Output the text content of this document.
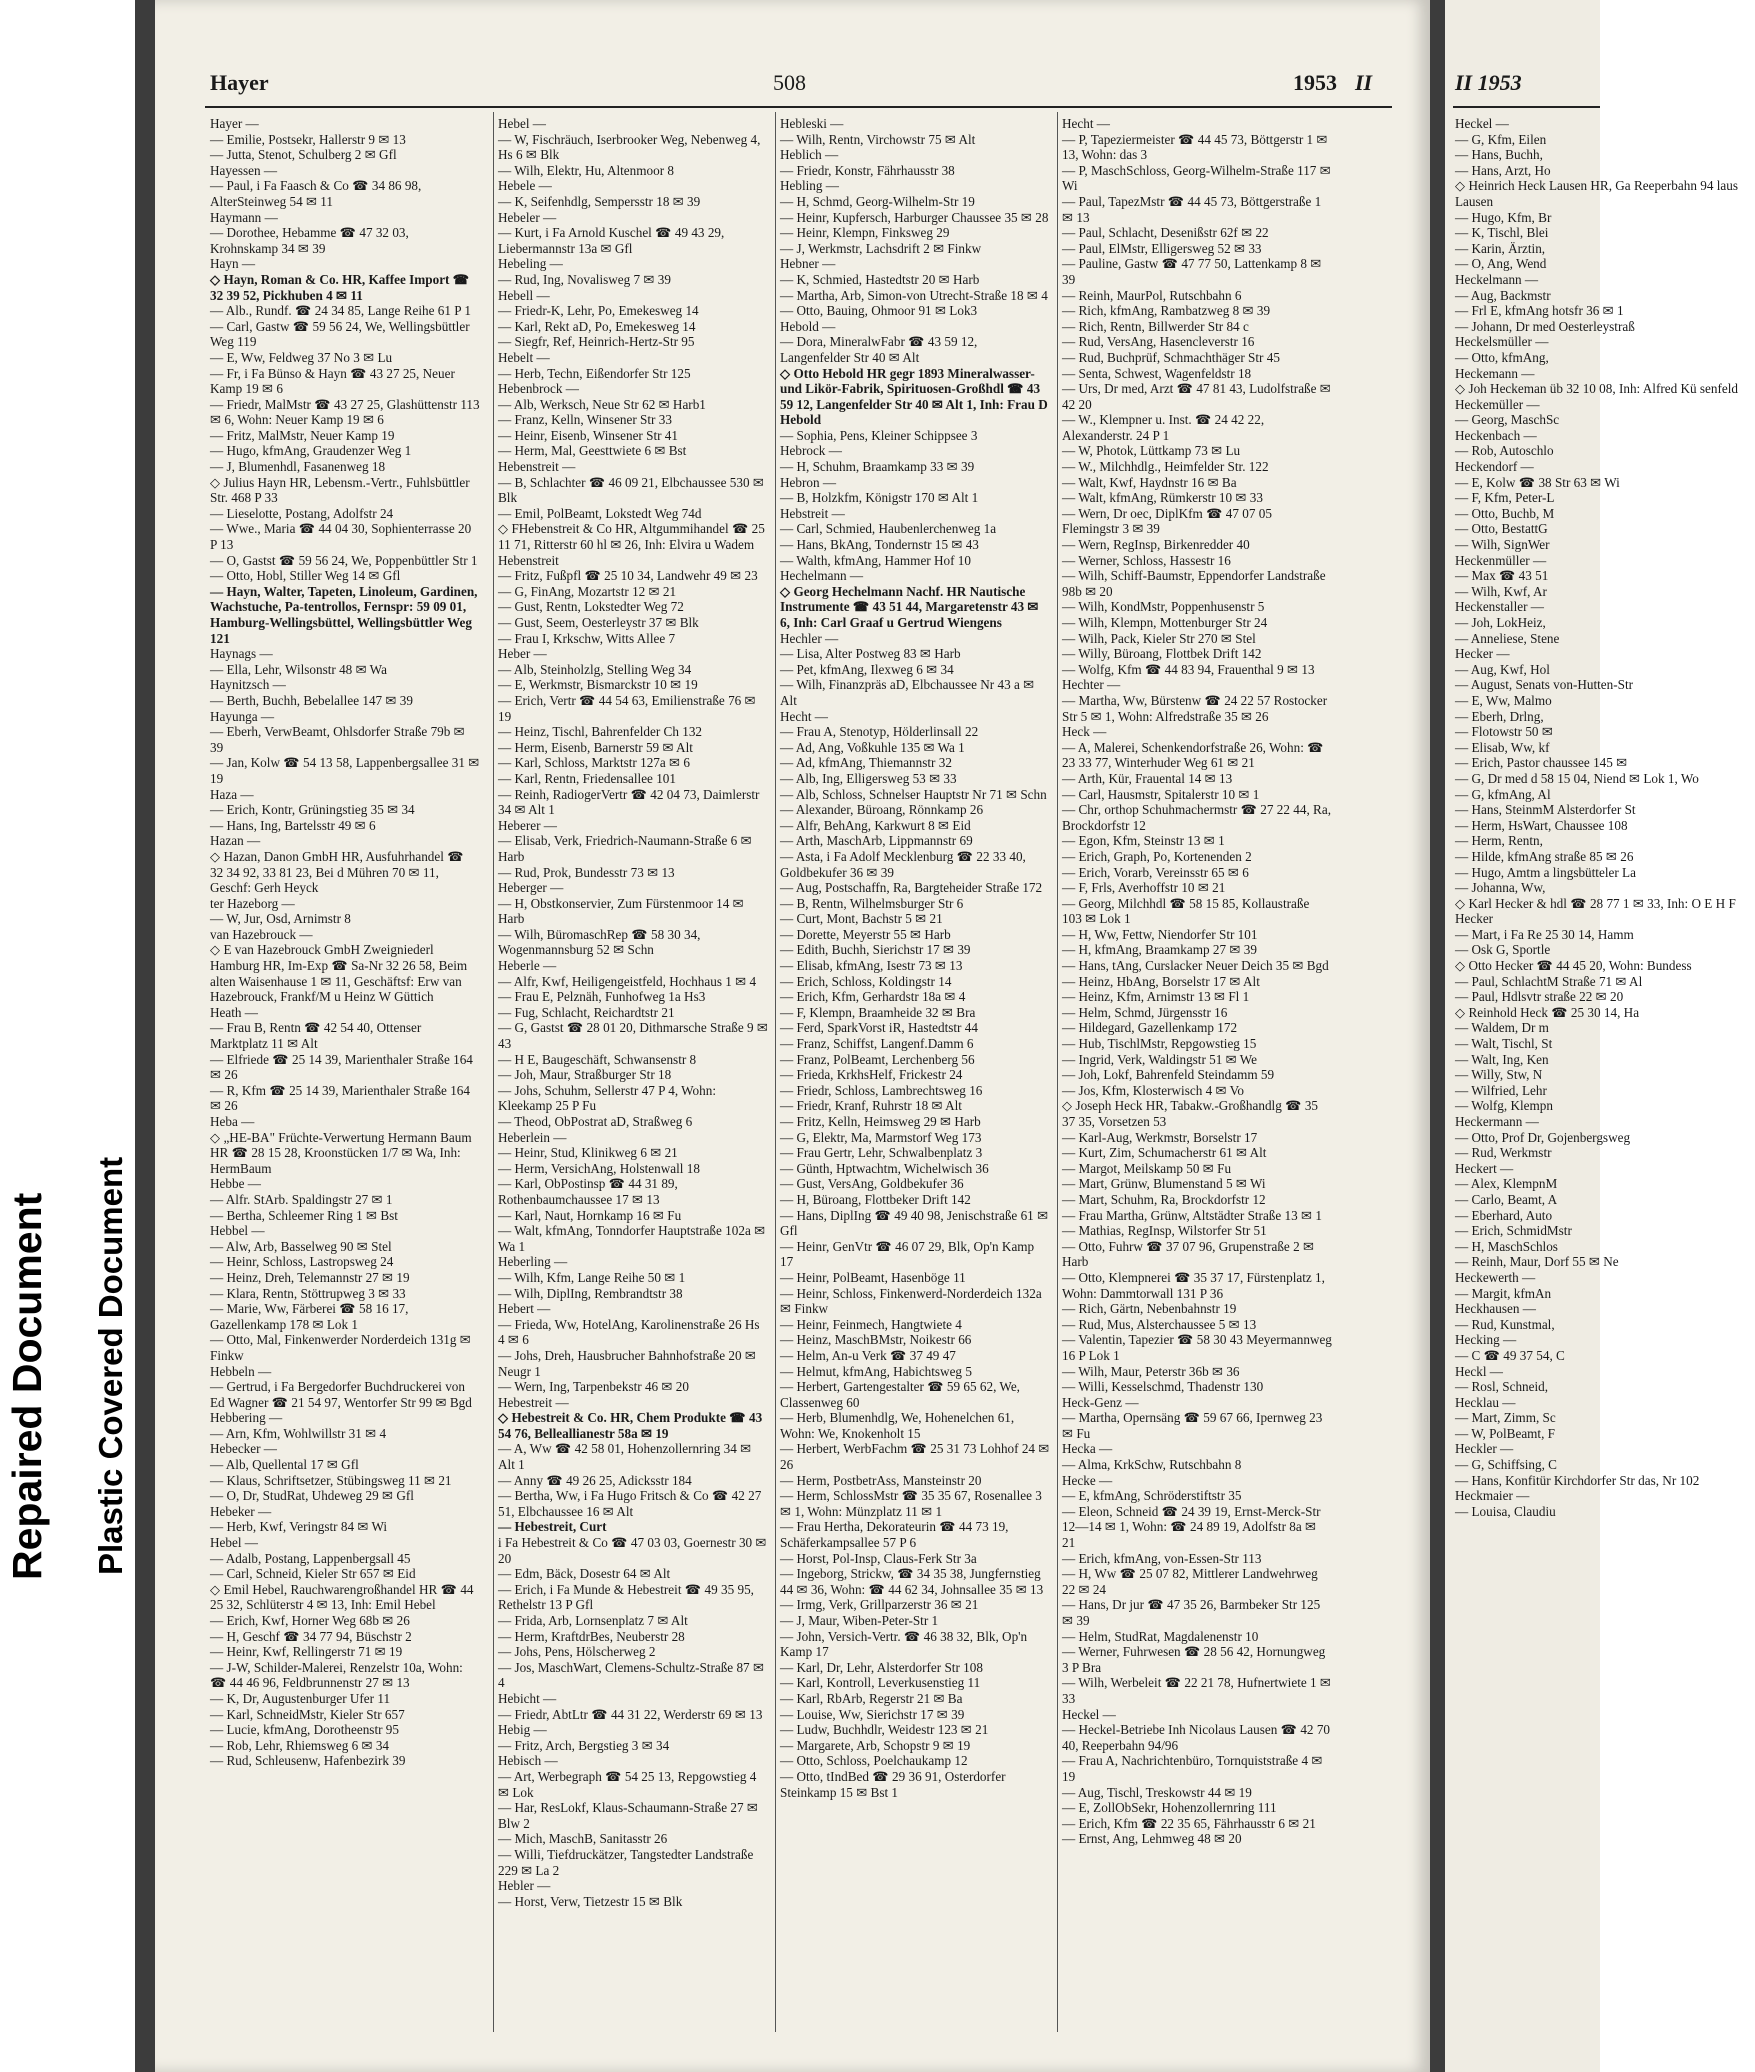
Repaired Document Plastic Covered Document
Hayer	508	1953 II
Hayer —
— Emilie, Postsekr, Hallerstr 9 ✉ 13
— Jutta, Stenot, Schulberg 2 ✉ Gfl
Hayessen —
— Paul, i Fa Faasch & Co ☎ 34 86 98, AlterSteinweg 54 ✉ 11
Haymann —
— Dorothee, Hebamme ☎ 47 32 03, Krohnskamp 34 ✉ 39
Hayn —
◇ Hayn, Roman & Co. HR, Kaffee Import ☎ 32 39 52, Pickhuben 4 ✉ 11
— Alb., Rundf. ☎ 24 34 85, Lange Reihe 61 P 1
— Carl, Gastw ☎ 59 56 24, We, Wellingsbüttler Weg 119
— E, Ww, Feldweg 37 No 3 ✉ Lu
— Fr, i Fa Bünso & Hayn ☎ 43 27 25, Neuer Kamp 19 ✉ 6
— Friedr, MalMstr ☎ 43 27 25, Glashüttenstr 113 ✉ 6, Wohn: Neuer Kamp 19 ✉ 6
— Fritz, MalMstr, Neuer Kamp 19
— Hugo, kfmAng, Graudenzer Weg 1
— J, Blumenhdl, Fasanenweg 18
◇ Julius Hayn HR, Lebensm.-Vertr., Fuhlsbüttler Str. 468 P 33
— Lieselotte, Postang, Adolfstr 24
— Wwe., Maria ☎ 44 04 30, Sophienterrasse 20 P 13
— O, Gastst ☎ 59 56 24, We, Poppenbüttler Str 1
— Otto, Hobl, Stiller Weg 14 ✉ Gfl
— Hayn, Walter, Tapeten, Linoleum, Gardinen, Wachstuche, Pa-tentrollos, Fernspr: 59 09 01, Hamburg-Wellingsbüttel, Wellingsbüttler Weg 121
Haynags —
— Ella, Lehr, Wilsonstr 48 ✉ Wa
Haynitzsch —
— Berth, Buchh, Bebelallee 147 ✉ 39
Hayunga —
— Eberh, VerwBeamt, Ohlsdorfer Straße 79b ✉ 39
— Jan, Kolw ☎ 54 13 58, Lappenbergsallee 31 ✉ 19
Haza —
— Erich, Kontr, Grüningstieg 35 ✉ 34
— Hans, Ing, Bartelsstr 49 ✉ 6
Hazan —
◇ Hazan, Danon GmbH HR, Ausfuhrhandel ☎ 32 34 92, 33 81 23, Bei d Mühren 70 ✉ 11, Geschf: Gerh Heyck
ter Hazeborg —
— W, Jur, Osd, Arnimstr 8
van Hazebrouck —
◇ E van Hazebrouck GmbH Zweigniederl Hamburg HR, Im-Exp ☎ Sa-Nr 32 26 58, Beim alten Waisenhause 1 ✉ 11, Geschäftsf: Erw van Hazebrouck, Frankf/M u Heinz W Güttich
Heath —
— Frau B, Rentn ☎ 42 54 40, Ottenser Marktplatz 11 ✉ Alt
— Elfriede ☎ 25 14 39, Marienthaler Straße 164 ✉ 26
— R, Kfm ☎ 25 14 39, Marienthaler Straße 164 ✉ 26
Heba —
◇ „HE-BA" Früchte-Verwertung Hermann Baum HR ☎ 28 15 28, Kroonstücken 1/7 ✉ Wa, Inh: HermBaum
Hebbe —
— Alfr. StArb. Spaldingstr 27 ✉ 1
— Bertha, Schleemer Ring 1 ✉ Bst
Hebbel —
— Alw, Arb, Basselweg 90 ✉ Stel
— Heinr, Schloss, Lastropsweg 24
— Heinz, Dreh, Telemannstr 27 ✉ 19
— Klara, Rentn, Stöttrupweg 3 ✉ 33
— Marie, Ww, Färberei ☎ 58 16 17, Gazellenkamp 178 ✉ Lok 1
— Otto, Mal, Finkenwerder Norderdeich 131g ✉ Finkw
Hebbeln —
— Gertrud, i Fa Bergedorfer Buchdruckerei von Ed Wagner ☎ 21 54 97, Wentorfer Str 99 ✉ Bgd
Hebbering —
— Arn, Kfm, Wohlwillstr 31 ✉ 4
Hebecker —
— Alb, Quellental 17 ✉ Gfl
— Klaus, Schriftsetzer, Stübingsweg 11 ✉ 21
— O, Dr, StudRat, Uhdeweg 29 ✉ Gfl
Hebeker —
— Herb, Kwf, Veringstr 84 ✉ Wi
Hebel —
— Adalb, Postang, Lappenbergsall 45
— Carl, Schneid, Kieler Str 657 ✉ Eid
◇ Emil Hebel, Rauchwarengroßhandel HR ☎ 44 25 32, Schlüterstr 4 ✉ 13, Inh: Emil Hebel
— Erich, Kwf, Horner Weg 68b ✉ 26
— H, Geschf ☎ 34 77 94, Büschstr 2
— Heinr, Kwf, Rellingerstr 71 ✉ 19
— J-W, Schilder-Malerei, Renzelstr 10a, Wohn: ☎ 44 46 96, Feldbrunnenstr 27 ✉ 13
— K, Dr, Augustenburger Ufer 11
— Karl, SchneidMstr, Kieler Str 657
— Lucie, kfmAng, Dorotheenstr 95
— Rob, Lehr, Rhiemsweg 6 ✉ 34
— Rud, Schleusenw, Hafenbezirk 39
Hebel —
— W, Fischräuch, Iserbrooker Weg, Nebenweg 4, Hs 6 ✉ Blk
— Wilh, Elektr, Hu, Altenmoor 8
Hebele —
— K, Seifenhdlg, Sempersstr 18 ✉ 39
Hebeler —
— Kurt, i Fa Arnold Kuschel ☎ 49 43 29, Liebermannstr 13a ✉ Gfl
Hebeling —
— Rud, Ing, Novalisweg 7 ✉ 39
Hebell —
— Friedr-K, Lehr, Po, Emekesweg 14
— Karl, Rekt aD, Po, Emekesweg 14
— Siegfr, Ref, Heinrich-Hertz-Str 95
Hebelt —
— Herb, Techn, Eißendorfer Str 125
Hebenbrock —
— Alb, Werksch, Neue Str 62 ✉ Harb1
— Franz, Kelln, Winsener Str 33
— Heinr, Eisenb, Winsener Str 41
— Herm, Mal, Geesttwiete 6 ✉ Bst
Hebenstreit —
— B, Schlachter ☎ 46 09 21, Elbchaussee 530 ✉ Blk
— Emil, PolBeamt, Lokstedt Weg 74d
◇ FHebenstreit & Co HR, Altgummihandel ☎ 25 11 71, Ritterstr 60 hl ✉ 26, Inh: Elvira u Wadem Hebenstreit
— Fritz, Fußpfl ☎ 25 10 34, Landwehr 49 ✉ 23
— G, FinAng, Mozartstr 12 ✉ 21
— Gust, Rentn, Lokstedter Weg 72
— Gust, Seem, Oesterleystr 37 ✉ Blk
— Frau I, Krkschw, Witts Allee 7
Heber —
— Alb, Steinholzlg, Stelling Weg 34
— E, Werkmstr, Bismarckstr 10 ✉ 19
— Erich, Vertr ☎ 44 54 63, Emilienstraße 76 ✉ 19
— Heinz, Tischl, Bahrenfelder Ch 132
— Herm, Eisenb, Barnerstr 59 ✉ Alt
— Karl, Schloss, Marktstr 127a ✉ 6
— Karl, Rentn, Friedensallee 101
— Reinh, RadiogerVertr ☎ 42 04 73, Daimlerstr 34 ✉ Alt 1
Heberer —
— Elisab, Verk, Friedrich-Naumann-Straße 6 ✉ Harb
— Rud, Prok, Bundesstr 73 ✉ 13
Heberger —
— H, Obstkonservier, Zum Fürstenmoor 14 ✉ Harb
— Wilh, BüromaschRep ☎ 58 30 34, Wogenmannsburg 52 ✉ Schn
Heberle —
— Alfr, Kwf, Heiligengeistfeld, Hochhaus 1 ✉ 4
— Frau E, Pelznäh, Funhofweg 1a Hs3
— Fug, Schlacht, Reichardtstr 21
— G, Gastst ☎ 28 01 20, Dithmarsche Straße 9 ✉ 43
— H E, Baugeschäft, Schwansenstr 8
— Joh, Maur, Straßburger Str 18
— Johs, Schuhm, Sellerstr 47 P 4, Wohn: Kleekamp 25 P Fu
— Theod, ObPostrat aD, Straßweg 6
Heberlein —
— Heinr, Stud, Klinikweg 6 ✉ 21
— Herm, VersichAng, Holstenwall 18
— Karl, ObPostinsp ☎ 44 31 89, Rothenbaumchaussee 17 ✉ 13
— Karl, Naut, Hornkamp 16 ✉ Fu
— Walt, kfmAng, Tonndorfer Hauptstraße 102a ✉ Wa 1
Heberling —
— Wilh, Kfm, Lange Reihe 50 ✉ 1
— Wilh, DiplIng, Rembrandtstr 38
Hebert —
— Frieda, Ww, HotelAng, Karolinenstraße 26 Hs 4 ✉ 6
— Johs, Dreh, Hausbrucher Bahnhofstraße 20 ✉ Neugr 1
— Wern, Ing, Tarpenbekstr 46 ✉ 20
Hebestreit —
◇ Hebestreit & Co. HR, Chem Produkte ☎ 43 54 76, Belleallianestr 58a ✉ 19
— A, Ww ☎ 42 58 01, Hohenzollernring 34 ✉ Alt 1
— Anny ☎ 49 26 25, Adicksstr 184
— Bertha, Ww, i Fa Hugo Fritsch & Co ☎ 42 27 51, Elbchaussee 16 ✉ Alt
— Hebestreit, Curt
i Fa Hebestreit & Co ☎ 47 03 03, Goernestr 30 ✉ 20
— Edm, Bäck, Dosestr 64 ✉ Alt
— Erich, i Fa Munde & Hebestreit ☎ 49 35 95, Rethelstr 13 P Gfl
— Frida, Arb, Lornsenplatz 7 ✉ Alt
— Herm, KraftdrBes, Neuberstr 28
— Johs, Pens, Hölscherweg 2
— Jos, MaschWart, Clemens-Schultz-Straße 87 ✉ 4
Hebicht —
— Friedr, AbtLtr ☎ 44 31 22, Werderstr 69 ✉ 13
Hebig —
— Fritz, Arch, Bergstieg 3 ✉ 34
Hebisch —
— Art, Werbegraph ☎ 54 25 13, Repgowstieg 4 ✉ Lok
— Har, ResLokf, Klaus-Schaumann-Straße 27 ✉ Blw 2
— Mich, MaschB, Sanitasstr 26
— Willi, Tiefdruckätzer, Tangstedter Landstraße 229 ✉ La 2
Hebler —
— Horst, Verw, Tietzestr 15 ✉ Blk
Hebleski —
— Wilh, Rentn, Virchowstr 75 ✉ Alt
Heblich —
— Friedr, Konstr, Fährhausstr 38
Hebling —
— H, Schmd, Georg-Wilhelm-Str 19
— Heinr, Kupfersch, Harburger Chaussee 35 ✉ 28
— Heinr, Klempn, Finksweg 29
— J, Werkmstr, Lachsdrift 2 ✉ Finkw
Hebner —
— K, Schmied, Hastedtstr 20 ✉ Harb
— Martha, Arb, Simon-von Utrecht-Straße 18 ✉ 4
— Otto, Bauing, Ohmoor 91 ✉ Lok3
Hebold —
— Dora, MineralwFabr ☎ 43 59 12, Langenfelder Str 40 ✉ Alt
◇ Otto Hebold HR gegr 1893 Mineralwasser- und Likör-Fabrik, Spirituosen-Großhdl ☎ 43 59 12, Langenfelder Str 40 ✉ Alt 1, Inh: Frau D Hebold
— Sophia, Pens, Kleiner Schippsee 3
Hebrock —
— H, Schuhm, Braamkamp 33 ✉ 39
Hebron —
— B, Holzkfm, Königstr 170 ✉ Alt 1
Hebstreit —
— Carl, Schmied, Haubenlerchenweg 1a
— Hans, BkAng, Tondernstr 15 ✉ 43
— Walth, kfmAng, Hammer Hof 10
Hechelmann —
◇ Georg Hechelmann Nachf. HR Nautische Instrumente ☎ 43 51 44, Margaretenstr 43 ✉ 6, Inh: Carl Graaf u Gertrud Wiengens
Hechler —
— Lisa, Alter Postweg 83 ✉ Harb
— Pet, kfmAng, Ilexweg 6 ✉ 34
— Wilh, Finanzpräs aD, Elbchaussee Nr 43 a ✉ Alt
Hecht —
— Frau A, Stenotyp, Hölderlinsall 22
— Ad, Ang, Voßkuhle 135 ✉ Wa 1
— Ad, kfmAng, Thiemannstr 32
— Alb, Ing, Elligersweg 53 ✉ 33
— Alb, Schloss, Schnelser Hauptstr Nr 71 ✉ Schn
— Alexander, Büroang, Rönnkamp 26
— Alfr, BehAng, Karkwurt 8 ✉ Eid
— Arth, MaschArb, Lippmannstr 69
— Asta, i Fa Adolf Mecklenburg ☎ 22 33 40, Goldbekufer 36 ✉ 39
— Aug, Postschaffn, Ra, Bargteheider Straße 172
— B, Rentn, Wilhelmsburger Str 6
— Curt, Mont, Bachstr 5 ✉ 21
— Dorette, Meyerstr 55 ✉ Harb
— Edith, Buchh, Sierichstr 17 ✉ 39
— Elisab, kfmAng, Isestr 73 ✉ 13
— Erich, Schloss, Koldingstr 14
— Erich, Kfm, Gerhardstr 18a ✉ 4
— F, Klempn, Braamheide 32 ✉ Bra
— Ferd, SparkVorst iR, Hastedtstr 44
— Franz, Schiffst, Langenf.Damm 6
— Franz, PolBeamt, Lerchenberg 56
— Frieda, KrkhsHelf, Frickestr 24
— Friedr, Schloss, Lambrechtsweg 16
— Friedr, Kranf, Ruhrstr 18 ✉ Alt
— Fritz, Kelln, Heimsweg 29 ✉ Harb
— G, Elektr, Ma, Marmstorf Weg 173
— Frau Gertr, Lehr, Schwalbenplatz 3
— Günth, Hptwachtm, Wichelwisch 36
— Gust, VersAng, Goldbekufer 36
— H, Büroang, Flottbeker Drift 142
— Hans, DiplIng ☎ 49 40 98, Jenischstraße 61 ✉ Gfl
— Heinr, GenVtr ☎ 46 07 29, Blk, Op'n Kamp 17
— Heinr, PolBeamt, Hasenböge 11
— Heinr, Schloss, Finkenwerd-Norderdeich 132a ✉ Finkw
— Heinr, Feinmech, Hangtwiete 4
— Heinz, MaschBMstr, Noikestr 66
— Helm, An-u Verk ☎ 37 49 47
— Helmut, kfmAng, Habichtsweg 5
— Herbert, Gartengestalter ☎ 59 65 62, We, Classenweg 60
— Herb, Blumenhdlg, We, Hohenelchen 61, Wohn: We, Knokenholt 15
— Herbert, WerbFachm ☎ 25 31 73 Lohhof 24 ✉ 26
— Herm, PostbetrAss, Mansteinstr 20
— Herm, SchlossMstr ☎ 35 35 67, Rosenallee 3 ✉ 1, Wohn: Münzplatz 11 ✉ 1
— Frau Hertha, Dekorateurin ☎ 44 73 19, Schäferkampsallee 57 P 6
— Horst, Pol-Insp, Claus-Ferk Str 3a
— Ingeborg, Strickw, ☎ 34 35 38, Jungfernstieg 44 ✉ 36, Wohn: ☎ 44 62 34, Johnsallee 35 ✉ 13
— Irmg, Verk, Grillparzerstr 36 ✉ 21
— J, Maur, Wiben-Peter-Str 1
— John, Versich-Vertr. ☎ 46 38 32, Blk, Op'n Kamp 17
— Karl, Dr, Lehr, Alsterdorfer Str 108
— Karl, Kontroll, Leverkusenstieg 11
— Karl, RbArb, Regerstr 21 ✉ Ba
— Louise, Ww, Sierichstr 17 ✉ 39
— Ludw, Buchhdlr, Weidestr 123 ✉ 21
— Margarete, Arb, Schopstr 9 ✉ 19
— Otto, Schloss, Poelchaukamp 12
— Otto, tIndBed ☎ 29 36 91, Osterdorfer Steinkamp 15 ✉ Bst 1
Hecht —
— P, Tapeziermeister ☎ 44 45 73, Böttgerstr 1 ✉ 13, Wohn: das 3
— P, MaschSchloss, Georg-Wilhelm-Straße 117 ✉ Wi
— Paul, TapezMstr ☎ 44 45 73, Böttgerstraße 1 ✉ 13
— Paul, Schlacht, Desenißstr 62f ✉ 22
— Paul, ElMstr, Elligersweg 52 ✉ 33
— Pauline, Gastw ☎ 47 77 50, Lattenkamp 8 ✉ 39
— Reinh, MaurPol, Rutschbahn 6
— Rich, kfmAng, Rambatzweg 8 ✉ 39
— Rich, Rentn, Billwerder Str 84 c
— Rud, VersAng, Hasencleverstr 16
— Rud, Buchprüf, Schmachthäger Str 45
— Senta, Schwest, Wagenfeldstr 18
— Urs, Dr med, Arzt ☎ 47 81 43, Ludolfstraße ✉ 42 20
— W., Klempner u. Inst. ☎ 24 42 22, Alexanderstr. 24 P 1
— W, Photok, Lüttkamp 73 ✉ Lu
— W., Milchhdlg., Heimfelder Str. 122
— Walt, Kwf, Haydnstr 16 ✉ Ba
— Walt, kfmAng, Rümkerstr 10 ✉ 33
— Wern, Dr oec, DiplKfm ☎ 47 07 05 Flemingstr 3 ✉ 39
— Wern, RegInsp, Birkenredder 40
— Werner, Schloss, Hassestr 16
— Wilh, Schiff-Baumstr, Eppendorfer Landstraße 98b ✉ 20
— Wilh, KondMstr, Poppenhusenstr 5
— Wilh, Klempn, Mottenburger Str 24
— Wilh, Pack, Kieler Str 270 ✉ Stel
— Willy, Büroang, Flottbek Drift 142
— Wolfg, Kfm ☎ 44 83 94, Frauenthal 9 ✉ 13
Hechter —
— Martha, Ww, Bürstenw ☎ 24 22 57 Rostocker Str 5 ✉ 1, Wohn: Alfredstraße 35 ✉ 26
Heck —
— A, Malerei, Schenkendorfstraße 26, Wohn: ☎ 23 33 77, Winterhuder Weg 61 ✉ 21
— Arth, Kür, Frauental 14 ✉ 13
— Carl, Hausmstr, Spitalerstr 10 ✉ 1
— Chr, orthop Schuhmachermstr ☎ 27 22 44, Ra, Brockdorfstr 12
— Egon, Kfm, Steinstr 13 ✉ 1
— Erich, Graph, Po, Kortenenden 2
— Erich, Vorarb, Vereinsstr 65 ✉ 6
— F, Frls, Averhoffstr 10 ✉ 21
— Georg, Milchhdl ☎ 58 15 85, Kollaustraße 103 ✉ Lok 1
— H, Ww, Fettw, Niendorfer Str 101
— H, kfmAng, Braamkamp 27 ✉ 39
— Hans, tAng, Curslacker Neuer Deich 35 ✉ Bgd
— Heinz, HbAng, Borselstr 17 ✉ Alt
— Heinz, Kfm, Arnimstr 13 ✉ Fl 1
— Helm, Schmd, Jürgensstr 16
— Hildegard, Gazellenkamp 172
— Hub, TischlMstr, Repgowstieg 15
— Ingrid, Verk, Waldingstr 51 ✉ We
— Joh, Lokf, Bahrenfeld Steindamm 59
— Jos, Kfm, Klosterwisch 4 ✉ Vo
◇ Joseph Heck HR, Tabakw.-Großhandlg ☎ 35 37 35, Vorsetzen 53
— Karl-Aug, Werkmstr, Borselstr 17
— Kurt, Zim, Schumacherstr 61 ✉ Alt
— Margot, Meilskamp 50 ✉ Fu
— Mart, Grünw, Blumenstand 5 ✉ Wi
— Mart, Schuhm, Ra, Brockdorfstr 12
— Frau Martha, Grünw, Altstädter Straße 13 ✉ 1
— Mathias, RegInsp, Wilstorfer Str 51
— Otto, Fuhrw ☎ 37 07 96, Grupenstraße 2 ✉ Harb
— Otto, Klempnerei ☎ 35 37 17, Fürstenplatz 1, Wohn: Dammtorwall 131 P 36
— Rich, Gärtn, Nebenbahnstr 19
— Rud, Mus, Alsterchaussee 5 ✉ 13
— Valentin, Tapezier ☎ 58 30 43 Meyermannweg 16 P Lok 1
— Wilh, Maur, Peterstr 36b ✉ 36
— Willi, Kesselschmd, Thadenstr 130
Heck-Genz —
— Martha, Opernsäng ☎ 59 67 66, Ipernweg 23 ✉ Fu
Hecka —
— Alma, KrkSchw, Rutschbahn 8
Hecke —
— E, kfmAng, Schröderstiftstr 35
— Eleon, Schneid ☎ 24 39 19, Ernst-Merck-Str 12—14 ✉ 1, Wohn: ☎ 24 89 19, Adolfstr 8a ✉ 21
— Erich, kfmAng, von-Essen-Str 113
— H, Ww ☎ 25 07 82, Mittlerer Landwehrweg 22 ✉ 24
— Hans, Dr jur ☎ 47 35 26, Barmbeker Str 125 ✉ 39
— Helm, StudRat, Magdalenenstr 10
— Werner, Fuhrwesen ☎ 28 56 42, Hornungweg 3 P Bra
— Wilh, Werbeleit ☎ 22 21 78, Hufnertwiete 1 ✉ 33
Heckel —
— Heckel-Betriebe Inh Nicolaus Lausen ☎ 42 70 40, Reeperbahn 94/96
— Frau A, Nachrichtenbüro, Tornquiststraße 4 ✉ 19
— Aug, Tischl, Treskowstr 44 ✉ 19
— E, ZollObSekr, Hohenzollernring 111
— Erich, Kfm ☎ 22 35 65, Fährhausstr 6 ✉ 21
— Ernst, Ang, Lehmweg 48 ✉ 20
II 1953
Heckel —
— G, Kfm, Eilen
— Hans, Buchh,
— Hans, Arzt, Ho
◇ Heinrich Heck Lausen HR, Ga Reeperbahn 94 laus Lausen
— Hugo, Kfm, Br
— K, Tischl, Blei
— Karin, Ärztin,
— O, Ang, Wend
Heckelmann —
— Aug, Backmstr
— Frl E, kfmAng hotsfr 36 ✉ 1
— Johann, Dr med Oesterleystraß
Heckelsmüller —
— Otto, kfmAng,
Heckemann —
◇ Joh Heckeman üb 32 10 08, Inh: Alfred Kü senfeld
Heckemüller —
— Georg, MaschSc
Heckenbach —
— Rob, Autoschlo
Heckendorf —
— E, Kolw ☎ 38 Str 63 ✉ Wi
— F, Kfm, Peter-L
— Otto, Buchb, M
— Otto, BestattG
— Wilh, SignWer
Heckenmüller —
— Max ☎ 43 51
— Wilh, Kwf, Ar
Heckenstaller —
— Joh, LokHeiz,
— Anneliese, Stene
Hecker —
— Aug, Kwf, Hol
— August, Senats von-Hutten-Str
— E, Ww, Malmo
— Eberh, Drlng,
— Flotowstr 50 ✉
— Elisab, Ww, kf
— Erich, Pastor chaussee 145 ✉
— G, Dr med d 58 15 04, Niend ✉ Lok 1, Wo
— G, kfmAng, Al
— Hans, SteinmM Alsterdorfer St
— Herm, HsWart, Chaussee 108
— Herm, Rentn,
— Hilde, kfmAng straße 85 ✉ 26
— Hugo, Amtm a lingsbütteler La
— Johanna, Ww,
◇ Karl Hecker & hdl ☎ 28 77 1 ✉ 33, Inh: O E H F Hecker
— Mart, i Fa Re 25 30 14, Hamm
— Osk G, Sportle
◇ Otto Hecker ☎ 44 45 20, Wohn: Bundess
— Paul, SchlachtM Straße 71 ✉ Al
— Paul, Hdlsvtr straße 22 ✉ 20
◇ Reinhold Heck ☎ 25 30 14, Ha
— Waldem, Dr m
— Walt, Tischl, St
— Walt, Ing, Ken
— Willy, Stw, N
— Wilfried, Lehr
— Wolfg, Klempn
Heckermann —
— Otto, Prof Dr, Gojenbergsweg
— Rud, Werkmstr
Heckert —
— Alex, KlempnM
— Carlo, Beamt, A
— Eberhard, Auto
— Erich, SchmidMstr
— H, MaschSchlos
— Reinh, Maur, Dorf 55 ✉ Ne
Heckewerth —
— Margit, kfmAn
Heckhausen —
— Rud, Kunstmal,
Hecking —
— C ☎ 49 37 54, C
Heckl —
— Rosl, Schneid,
Hecklau —
— Mart, Zimm, Sc
— W, PolBeamt, F
Heckler —
— G, Schiffsing, C
— Hans, Konfitür Kirchdorfer Str das, Nr 102
Heckmaier —
— Louisa, Claudiu
